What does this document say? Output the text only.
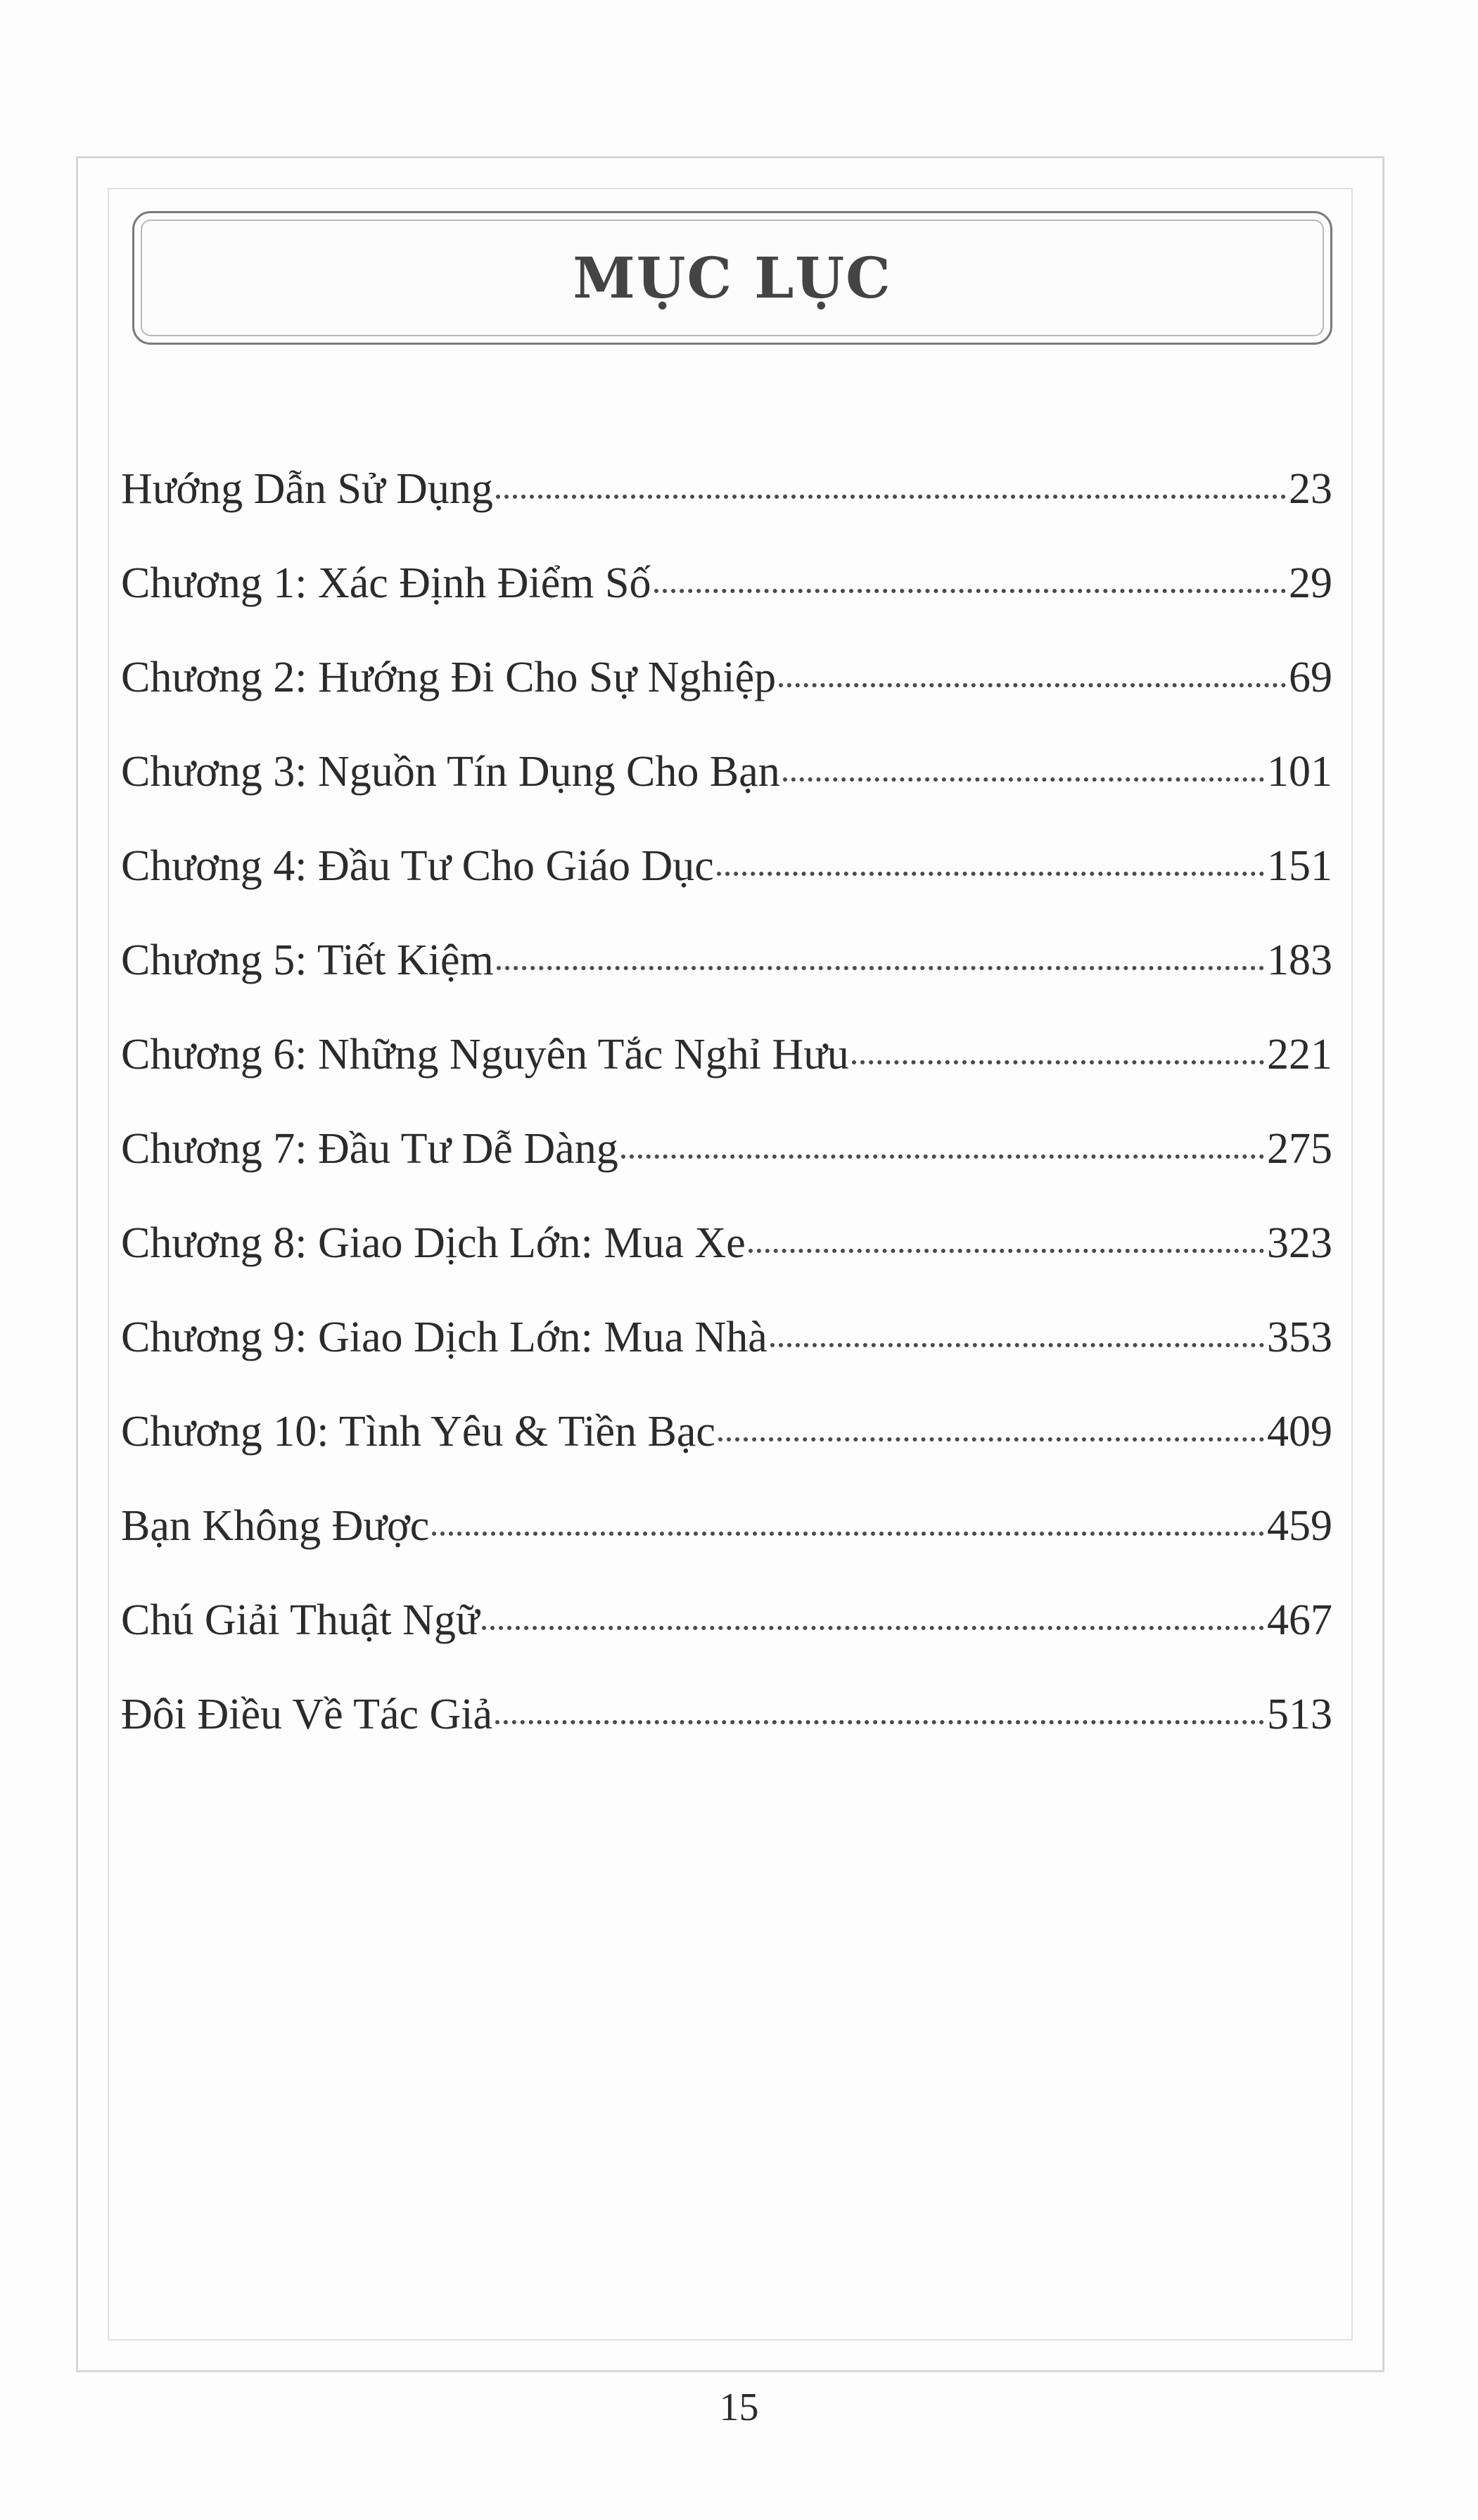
MỤC LỤC
Hướng Dẫn Sử Dụng	23
Chương 1: Xác Định Điểm Số	29
Chương 2: Hướng Đi Cho Sự Nghiệp	69
Chương 3: Nguồn Tín Dụng Cho Bạn	101
Chương 4: Đầu Tư Cho Giáo Dục	151
Chương 5: Tiết Kiệm	183
Chương 6: Những Nguyên Tắc Nghỉ Hưu	221
Chương 7: Đầu Tư Dễ Dàng	275
Chương 8: Giao Dịch Lớn: Mua Xe	323
Chương 9: Giao Dịch Lớn: Mua Nhà	353
Chương 10: Tình Yêu & Tiền Bạc	409
Bạn Không Được	459
Chú Giải Thuật Ngữ	467
Đôi Điều Về Tác Giả	513
15
